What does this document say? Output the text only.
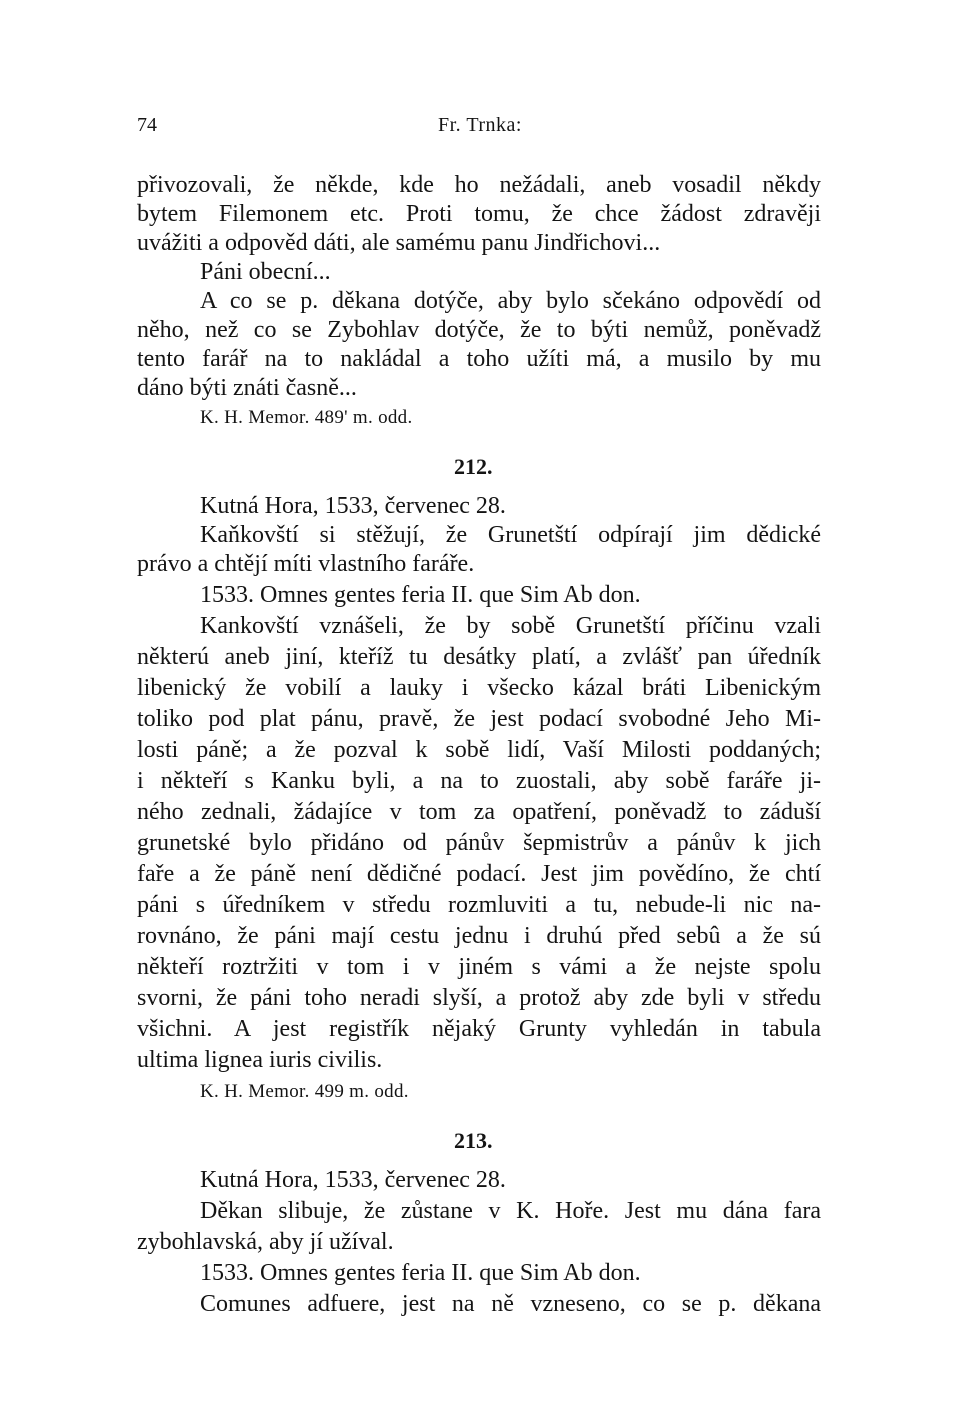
74	Fr. Trnka:
přivozovali, že někde, kde ho nežádali, aneb vosadil někdy
bytem Filemonem etc. Proti tomu, že chce žádost zdravěji
uvážiti a odpověd dáti, ale samému panu Jindřichovi...
Páni obecní...
A co se p. děkana dotýče, aby bylo sčekáno odpovědí od
něho, než co se Zybohlav dotýče, že to býti nemůž, poněvadž
tento farář na to nakládal a toho užíti má, a musilo by mu
dáno býti znáti časně...
K. H. Memor. 489' m. odd.
212.
Kutná Hora, 1533, červenec 28.
Kaňkovští si stěžují, že Grunetští odpírají jim dědické
právo a chtějí míti vlastního faráře.
1533. Omnes gentes feria II. que Sim Ab don.
Kankovští vznášeli, že by sobě Grunetští příčinu vzali
některú aneb jiní, kteříž tu desátky platí, a zvlášť pan úředník
libenický že vobilí a lauky i všecko kázal bráti Libenickým
toliko pod plat pánu, pravě, že jest podací svobodné Jeho Mi-
losti páně; a že pozval k sobě lidí, Vaší Milosti poddaných;
i někteří s Kanku byli, a na to zuostali, aby sobě faráře ji-
ného zednali, žádajíce v tom za opatření, poněvadž to záduší
grunetské bylo přidáno od pánův šepmistrův a pánův k jich
faře a že páně není dědičné podací. Jest jim povědíno, že chtí
páni s úředníkem v středu rozmluviti a tu, nebude-li nic na-
rovnáno, že páni mají cestu jednu i druhú před sebû a že sú
někteří roztržiti v tom i v jiném s vámi a že nejste spolu
svorni, že páni toho neradi slyší, a protož aby zde byli v středu
všichni. A jest registřík nějaký Grunty vyhledán in tabula
ultima lignea iuris civilis.
K. H. Memor. 499 m. odd.
213.
Kutná Hora, 1533, červenec 28.
Děkan slibuje, že zůstane v K. Hoře. Jest mu dána fara
zybohlavská, aby jí užíval.
1533. Omnes gentes feria II. que Sim Ab don.
Comunes adfuere, jest na ně vzneseno, co se p. děkana
